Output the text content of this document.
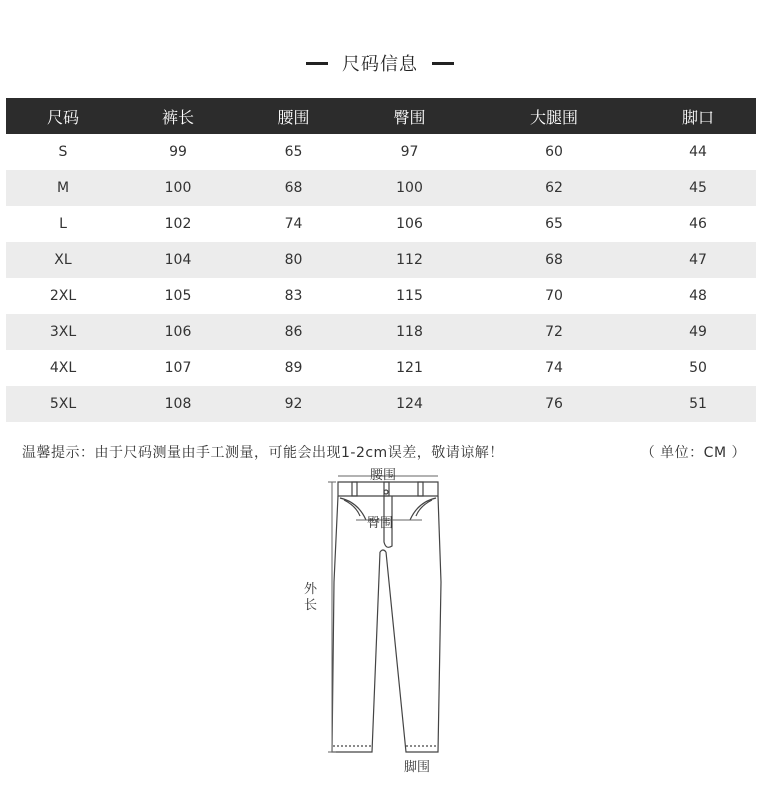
尺码信息
尺码	裤长	腰围	臀围	大腿围	脚口
S	99	65	97	60	44
M	100	68	100	62	45
L	102	74	106	65	46
XL	104	80	112	68	47
2XL	105	83	115	70	48
3XL	106	86	118	72	49
4XL	107	89	121	74	50
5XL	108	92	124	76	51
温馨提示：由于尺码测量由手工测量，可能会出现1-2cm误差，敬请谅解！	（ 单位：CM ）
腰围
臀围
外长
脚围
